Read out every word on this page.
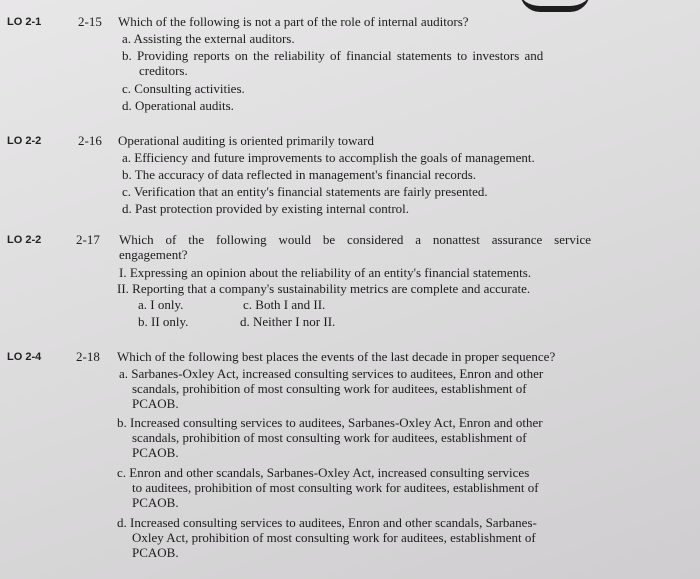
LO 2-1	2-15 Which of the following is not a part of the role of internal auditors?
a. Assisting the external auditors.
b. Providing reports on the reliability of financial statements to investors and
creditors.
c. Consulting activities.
d. Operational audits.
LO 2-2	2-16 Operational auditing is oriented primarily toward
a. Efficiency and future improvements to accomplish the goals of management.
b. The accuracy of data reflected in management's financial records.
c. Verification that an entity's financial statements are fairly presented.
d. Past protection provided by existing internal control.
LO 2-2	2-17 Which of the following would be considered a nonattest assurance service
engagement?
I. Expressing an opinion about the reliability of an entity's financial statements.
II. Reporting that a company's sustainability metrics are complete and accurate.
a. I only.	c. Both I and II.
b. II only.	d. Neither I nor II.
LO 2-4	2-18 Which of the following best places the events of the last decade in proper sequence?
a. Sarbanes-Oxley Act, increased consulting services to auditees, Enron and other
scandals, prohibition of most consulting work for auditees, establishment of
PCAOB.
b. Increased consulting services to auditees, Sarbanes-Oxley Act, Enron and other
scandals, prohibition of most consulting work for auditees, establishment of
PCAOB.
c. Enron and other scandals, Sarbanes-Oxley Act, increased consulting services
to auditees, prohibition of most consulting work for auditees, establishment of
PCAOB.
d. Increased consulting services to auditees, Enron and other scandals, Sarbanes-
Oxley Act, prohibition of most consulting work for auditees, establishment of
PCAOB.
